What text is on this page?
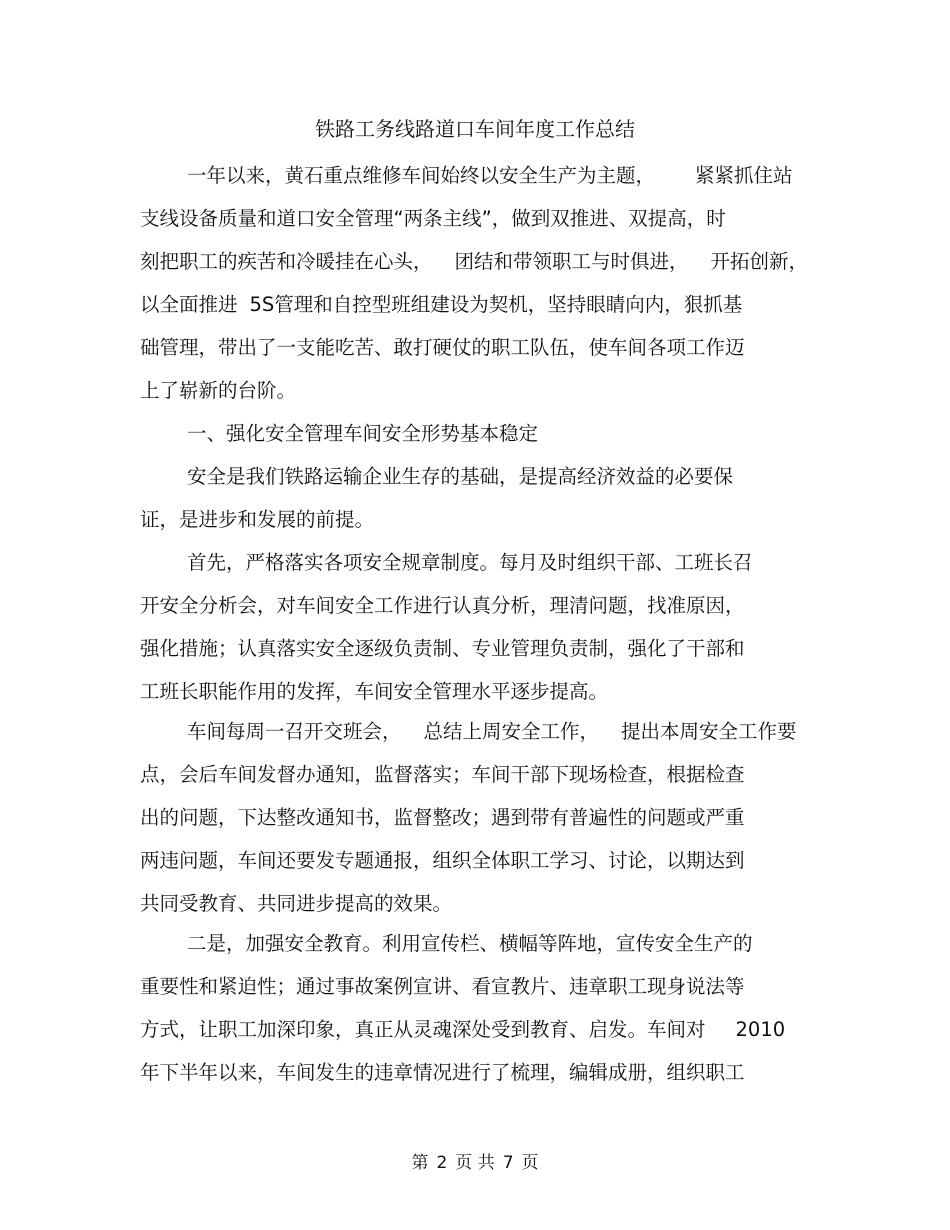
铁路工务线路道口车间年度工作总结
一年以来，黄石重点维修车间始终以安全生产为主题， 紧紧抓住站
支线设备质量和道口安全管理“两条主线”，做到双推进、双提高，时
刻把职工的疾苦和冷暖挂在心头， 团结和带领职工与时俱进， 开拓创新，
以全面推进 5S管理和自控型班组建设为契机，坚持眼睛向内，狠抓基
础管理，带出了一支能吃苦、敢打硬仗的职工队伍，使车间各项工作迈
上了崭新的台阶。
一、强化安全管理车间安全形势基本稳定
安全是我们铁路运输企业生存的基础，是提高经济效益的必要保
证，是进步和发展的前提。
首先，严格落实各项安全规章制度。每月及时组织干部、工班长召
开安全分析会，对车间安全工作进行认真分析，理清问题，找准原因，
强化措施；认真落实安全逐级负责制、专业管理负责制，强化了干部和
工班长职能作用的发挥，车间安全管理水平逐步提高。
车间每周一召开交班会， 总结上周安全工作， 提出本周安全工作要
点，会后车间发督办通知，监督落实；车间干部下现场检查，根据检查
出的问题，下达整改通知书，监督整改；遇到带有普遍性的问题或严重
两违问题，车间还要发专题通报，组织全体职工学习、讨论，以期达到
共同受教育、共同进步提高的效果。
二是，加强安全教育。利用宣传栏、横幅等阵地，宣传安全生产的
重要性和紧迫性；通过事故案例宣讲、看宣教片、违章职工现身说法等
方式，让职工加深印象，真正从灵魂深处受到教育、启发。车间对 2010
年下半年以来，车间发生的违章情况进行了梳理，编辑成册，组织职工
第 2 页 共 7 页
